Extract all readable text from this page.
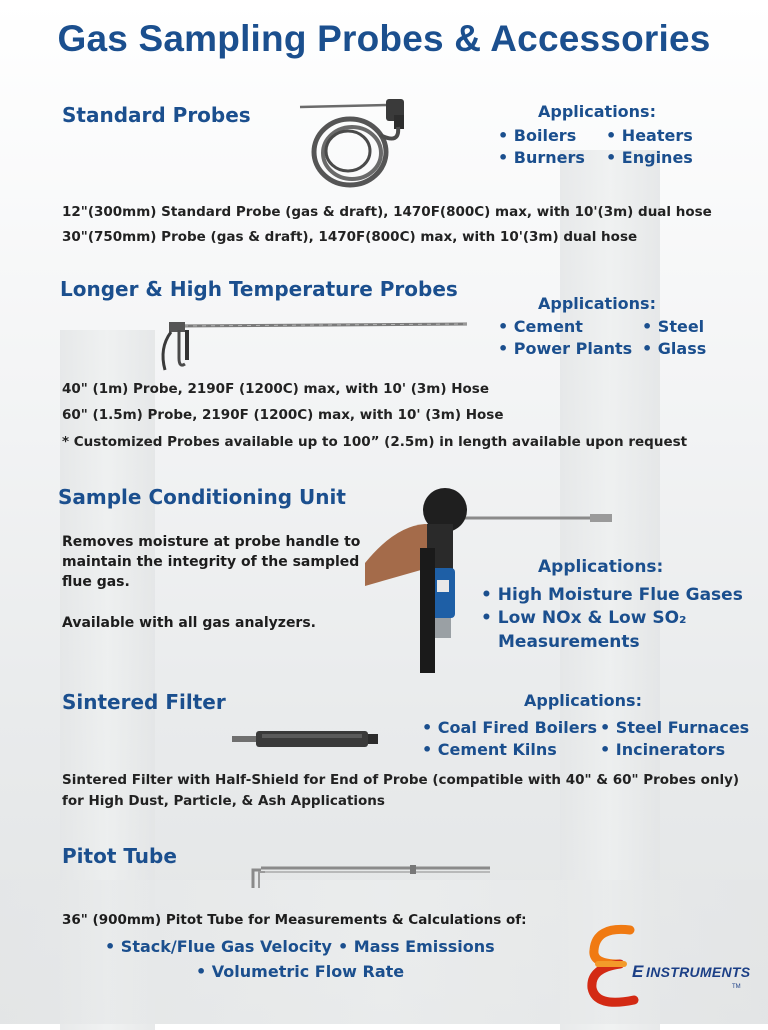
Gas Sampling Probes & Accessories
Standard Probes	Applications:
• Boilers • Heaters
• Burners • Engines
12"(300mm) Standard Probe (gas & draft), 1470F(800C) max, with 10'(3m) dual hose
30"(750mm) Probe (gas & draft), 1470F(800C) max, with 10'(3m) dual hose
Longer & High Temperature Probes
Applications:
• Cement	• Steel
• Power Plants • Glass
40" (1m) Probe, 2190F (1200C) max, with 10' (3m) Hose
60" (1.5m) Probe, 2190F (1200C) max, with 10' (3m) Hose
* Customized Probes available up to 100” (2.5m) in length available upon request
Sample Conditioning Unit
Removes moisture at probe handle to maintain the integrity of the sampled flue gas.
Available with all gas analyzers.
Applications:
• High Moisture Flue Gases
• Low NOx & Low SO₂
Measurements
Sintered Filter	Applications:
• Coal Fired Boilers • Steel Furnaces
• Cement Kilns	• Incinerators
Sintered Filter with Half-Shield for End of Probe (compatible with 40" & 60" Probes only)
for High Dust, Particle, & Ash Applications
Pitot Tube
36" (900mm) Pitot Tube for Measurements & Calculations of:
• Stack/Flue Gas Velocity • Mass Emissions
• Volumetric Flow Rate	E INSTRUMENTS
TM
